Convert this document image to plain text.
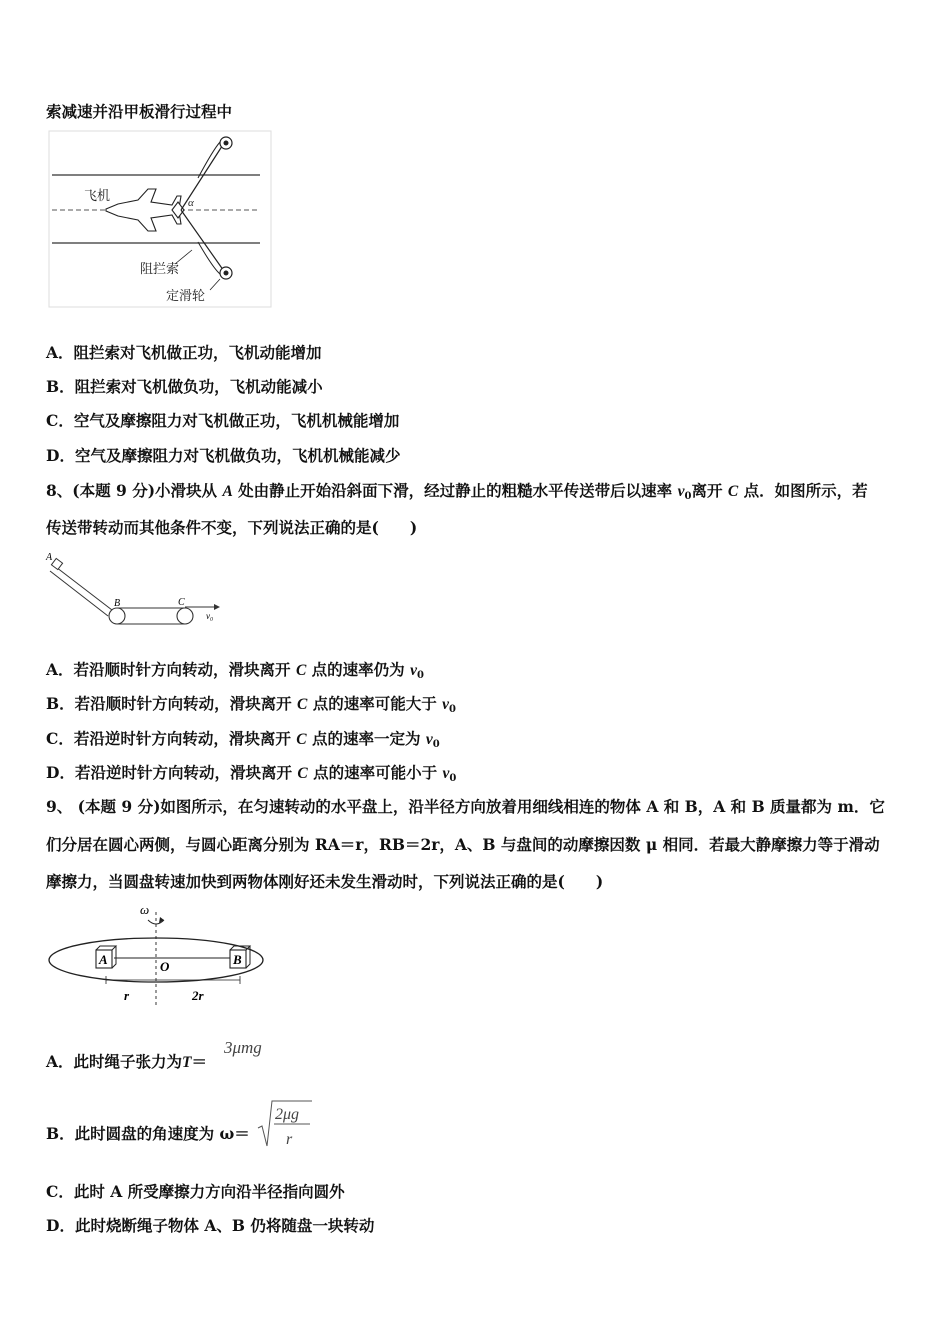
索减速并沿甲板滑行过程中
飞机	α
阻拦索
定滑轮
A．阻拦索对飞机做正功，飞机动能增加
B．阻拦索对飞机做负功，飞机动能减小
C．空气及摩擦阻力对飞机做正功，飞机机械能增加
D．空气及摩擦阻力对飞机做负功，飞机机械能减少
8、(本题 9 分)小滑块从 A 处由静止开始沿斜面下滑，经过静止的粗糙水平传送带后以速率 $v_0$离开 C 点．如图所示，若
传送带转动而其他条件不变，下列说法正确的是(　　)
A
B	C
v₀
A．若沿顺时针方向转动，滑块离开 C 点的速率仍为 $v_0$
B．若沿顺时针方向转动，滑块离开 C 点的速率可能大于 $v_0$
C．若沿逆时针方向转动，滑块离开 C 点的速率一定为 $v_0$
D．若沿逆时针方向转动，滑块离开 C 点的速率可能小于 $v_0$
9、 (本题 9 分)如图所示，在匀速转动的水平盘上，沿半径方向放着用细线相连的物体 A 和 B，A 和 B 质量都为 m．它
们分居在圆心两侧，与圆心距离分别为 RA＝r，RB＝2r，A、B 与盘间的动摩擦因数 μ 相同．若最大静摩擦力等于滑动
摩擦力，当圆盘转速加快到两物体刚好还未发生滑动时，下列说法正确的是(　　)
ω
A	B
O
r	2r
A．此时绳子张力为T＝
3μmg
B．此时圆盘的角速度为 ω＝
2μg
r
C．此时 A 所受摩擦力方向沿半径指向圆外
D．此时烧断绳子物体 A、B 仍将随盘一块转动
